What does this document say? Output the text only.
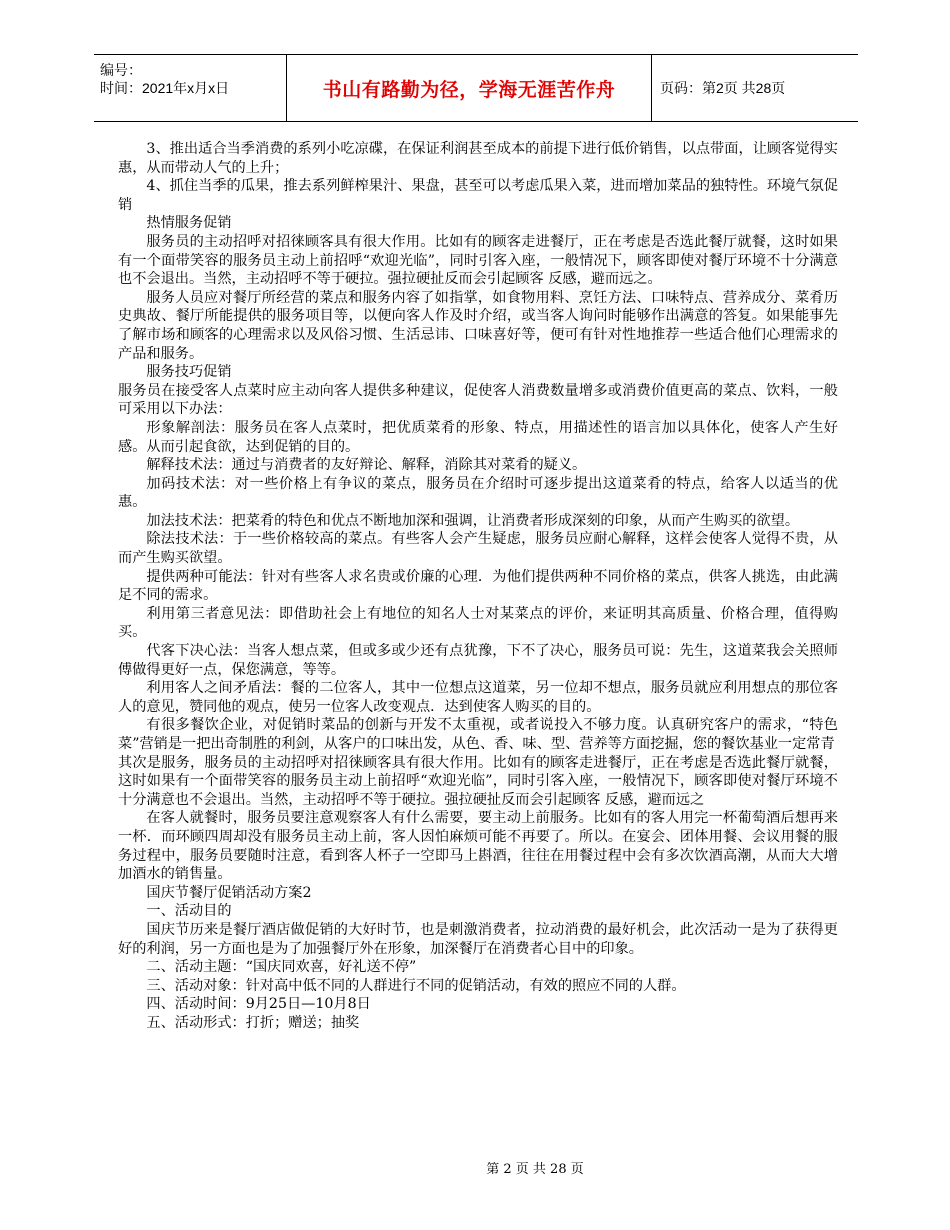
编号：
时间：2021年x月x日	书山有路勤为径，学海无涯苦作舟	页码：第2页 共28页

3、推出适合当季消费的系列小吃凉碟，在保证利润甚至成本的前提下进行低价销售，以点带面，让顾客觉得实惠，从而带动人气的上升；

4、抓住当季的瓜果，推去系列鲜榨果汁、果盘，甚至可以考虑瓜果入菜，进而增加菜品的独特性。环境气氛促销

热情服务促销

服务员的主动招呼对招徕顾客具有很大作用。比如有的顾客走进餐厅，正在考虑是否选此餐厅就餐，这时如果有一个面带笑容的服务员主动上前招呼“欢迎光临”，同时引客入座，一般情况下，顾客即使对餐厅环境不十分满意也不会退出。当然，主动招呼不等于硬拉。强拉硬扯反而会引起顾客 反感，避而远之。

服务人员应对餐厅所经营的菜点和服务内容了如指掌，如食物用料、烹饪方法、口味特点、营养成分、菜肴历史典故、餐厅所能提供的服务项目等，以便向客人作及时介绍，或当客人询问时能够作出满意的答复。如果能事先了解市场和顾客的心理需求以及风俗习惯、生活忌讳、口味喜好等，便可有针对性地推荐一些适合他们心理需求的产品和服务。

服务技巧促销

服务员在接受客人点菜时应主动向客人提供多种建议，促使客人消费数量增多或消费价值更高的菜点、饮料，一般可采用以下办法：

形象解剖法：服务员在客人点菜时，把优质菜肴的形象、特点，用描述性的语言加以具体化，使客人产生好感。从而引起食欲，达到促销的目的。

解释技术法：通过与消费者的友好辩论、解释，消除其对菜肴的疑义。

加码技术法：对一些价格上有争议的菜点，服务员在介绍时可逐步提出这道菜肴的特点，给客人以适当的优惠。

加法技术法：把菜肴的特色和优点不断地加深和强调，让消费者形成深刻的印象，从而产生购买的欲望。

除法技术法：于一些价格较高的菜点。有些客人会产生疑虑，服务员应耐心解释，这样会使客人觉得不贵，从而产生购买欲望。

提供两种可能法：针对有些客人求名贵或价廉的心理．为他们提供两种不同价格的菜点，供客人挑选，由此满足不同的需求。

利用第三者意见法：即借助社会上有地位的知名人士对某菜点的评价，来证明其高质量、价格合理，值得购买。

代客下决心法：当客人想点菜，但或多或少还有点犹豫，下不了决心，服务员可说：先生，这道菜我会关照师傅做得更好一点，保您满意，等等。

利用客人之间矛盾法：餐的二位客人，其中一位想点这道菜，另一位却不想点，服务员就应利用想点的那位客人的意见，赞同他的观点，使另一位客人改变观点．达到使客人购买的目的。

有很多餐饮企业，对促销时菜品的创新与开发不太重视，或者说投入不够力度。认真研究客户的需求，“特色菜”营销是一把出奇制胜的利剑，从客户的口味出发，从色、香、味、型、营养等方面挖掘，您的餐饮基业一定常青

其次是服务，服务员的主动招呼对招徕顾客具有很大作用。比如有的顾客走进餐厅，正在考虑是否选此餐厅就餐，这时如果有一个面带笑容的服务员主动上前招呼“欢迎光临”，同时引客入座，一般情况下，顾客即使对餐厅环境不十分满意也不会退出。当然，主动招呼不等于硬拉。强拉硬扯反而会引起顾客 反感，避而远之

在客人就餐时，服务员要注意观察客人有什么需要，要主动上前服务。比如有的客人用完一杯葡萄酒后想再来一杯．而环顾四周却没有服务员主动上前，客人因怕麻烦可能不再要了。所以。在宴会、团体用餐、会议用餐的服务过程中，服务员要随时注意，看到客人杯子一空即马上斟酒，往往在用餐过程中会有多次饮酒高潮，从而大大增加酒水的销售量。

国庆节餐厅促销活动方案2

一、活动目的

国庆节历来是餐厅酒店做促销的大好时节，也是刺激消费者，拉动消费的最好机会，此次活动一是为了获得更好的利润，另一方面也是为了加强餐厅外在形象，加深餐厅在消费者心目中的印象。

二、活动主题：“国庆同欢喜，好礼送不停”

三、活动对象：针对高中低不同的人群进行不同的促销活动，有效的照应不同的人群。

四、活动时间：9月25日—10月8日

五、活动形式：打折；赠送；抽奖

第 2 页 共 28 页
